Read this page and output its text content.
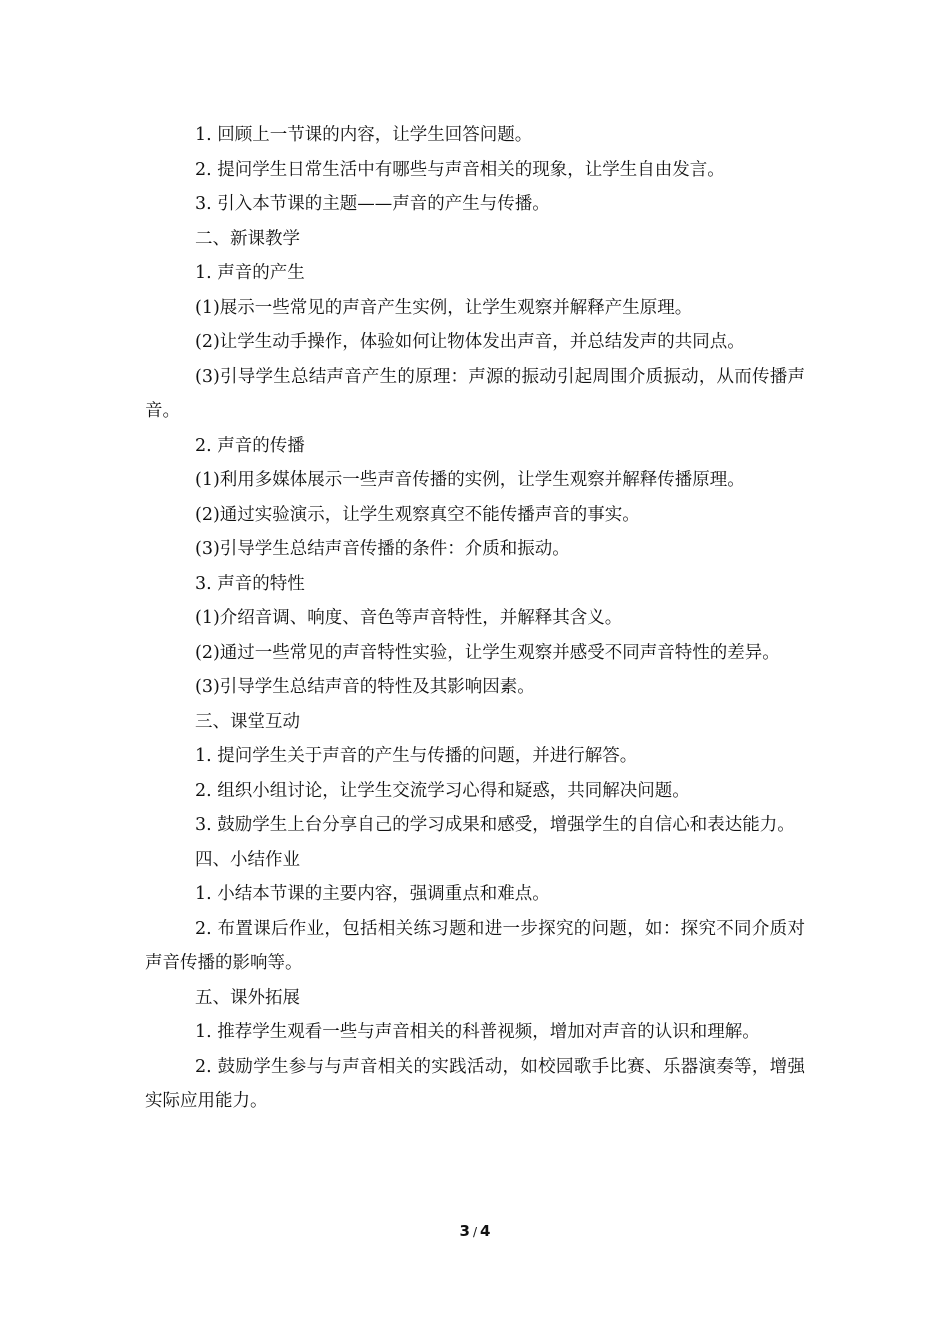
1. 回顾上一节课的内容，让学生回答问题。

2. 提问学生日常生活中有哪些与声音相关的现象，让学生自由发言。

3. 引入本节课的主题——声音的产生与传播。

二、新课教学

1. 声音的产生

(1)展示一些常见的声音产生实例，让学生观察并解释产生原理。

(2)让学生动手操作，体验如何让物体发出声音，并总结发声的共同点。

(3)引导学生总结声音产生的原理：声源的振动引起周围介质振动，从而传播声音。

2. 声音的传播

(1)利用多媒体展示一些声音传播的实例，让学生观察并解释传播原理。

(2)通过实验演示，让学生观察真空不能传播声音的事实。

(3)引导学生总结声音传播的条件：介质和振动。

3. 声音的特性

(1)介绍音调、响度、音色等声音特性，并解释其含义。

(2)通过一些常见的声音特性实验，让学生观察并感受不同声音特性的差异。

(3)引导学生总结声音的特性及其影响因素。

三、课堂互动

1. 提问学生关于声音的产生与传播的问题，并进行解答。

2. 组织小组讨论，让学生交流学习心得和疑惑，共同解决问题。

3. 鼓励学生上台分享自己的学习成果和感受，增强学生的自信心和表达能力。

四、小结作业

1. 小结本节课的主要内容，强调重点和难点。

2. 布置课后作业，包括相关练习题和进一步探究的问题，如：探究不同介质对声音传播的影响等。

五、课外拓展

1. 推荐学生观看一些与声音相关的科普视频，增加对声音的认识和理解。

2. 鼓励学生参与与声音相关的实践活动，如校园歌手比赛、乐器演奏等，增强实际应用能力。

3 / 4
